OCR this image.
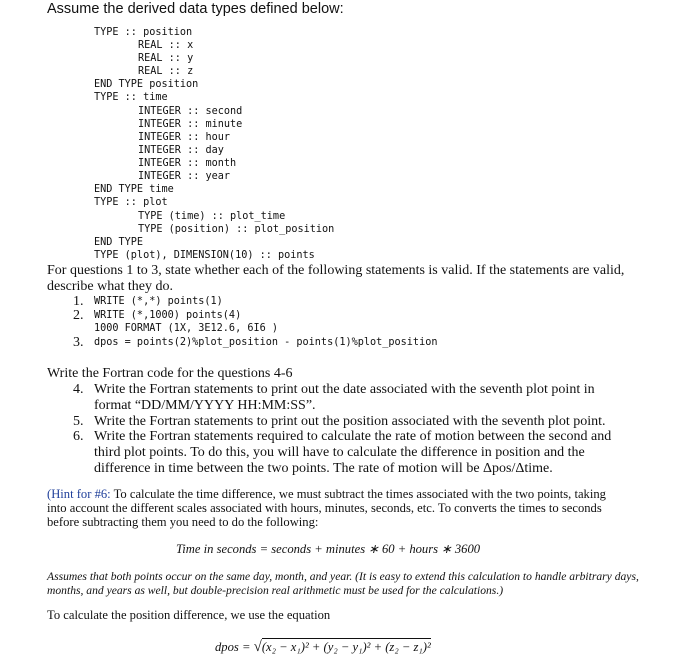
Assume the derived data types defined below:
TYPE :: position
REAL :: x
REAL :: y
REAL :: z
END TYPE position
TYPE :: time
INTEGER :: second
INTEGER :: minute
INTEGER :: hour
INTEGER :: day
INTEGER :: month
INTEGER :: year
END TYPE time
TYPE :: plot
TYPE (time) :: plot_time
TYPE (position) :: plot_position
END TYPE
TYPE (plot), DIMENSION(10) :: points
For questions 1 to 3, state whether each of the following statements is valid. If the statements are valid,
describe what they do.
1. WRITE (*,*) points(1)
2. WRITE (*,1000) points(4)
1000 FORMAT (1X, 3E12.6, 6I6 )
3. dpos = points(2)%plot_position - points(1)%plot_position
Write the Fortran code for the questions 4-6
4. Write the Fortran statements to print out the date associated with the seventh plot point in
format “DD/MM/YYYY HH:MM:SS”.
5. Write the Fortran statements to print out the position associated with the seventh plot point.
6. Write the Fortran statements required to calculate the rate of motion between the second and
third plot points. To do this, you will have to calculate the difference in position and the
difference in time between the two points. The rate of motion will be Δpos/Δtime.
(Hint for #6: To calculate the time difference, we must subtract the times associated with the two points, taking
into account the different scales associated with hours, minutes, seconds, etc. To converts the times to seconds
before subtracting them you need to do the following:
Time in seconds = seconds + minutes ∗ 60 + hours ∗ 3600
Assumes that both points occur on the same day, month, and year. (It is easy to extend this calculation to handle arbitrary days,
months, and years as well, but double-precision real arithmetic must be used for the calculations.)
To calculate the position difference, we use the equation
dpos = √(x₂ − x₁)² + (y₂ − y₁)² + (z₂ − z₁)²
